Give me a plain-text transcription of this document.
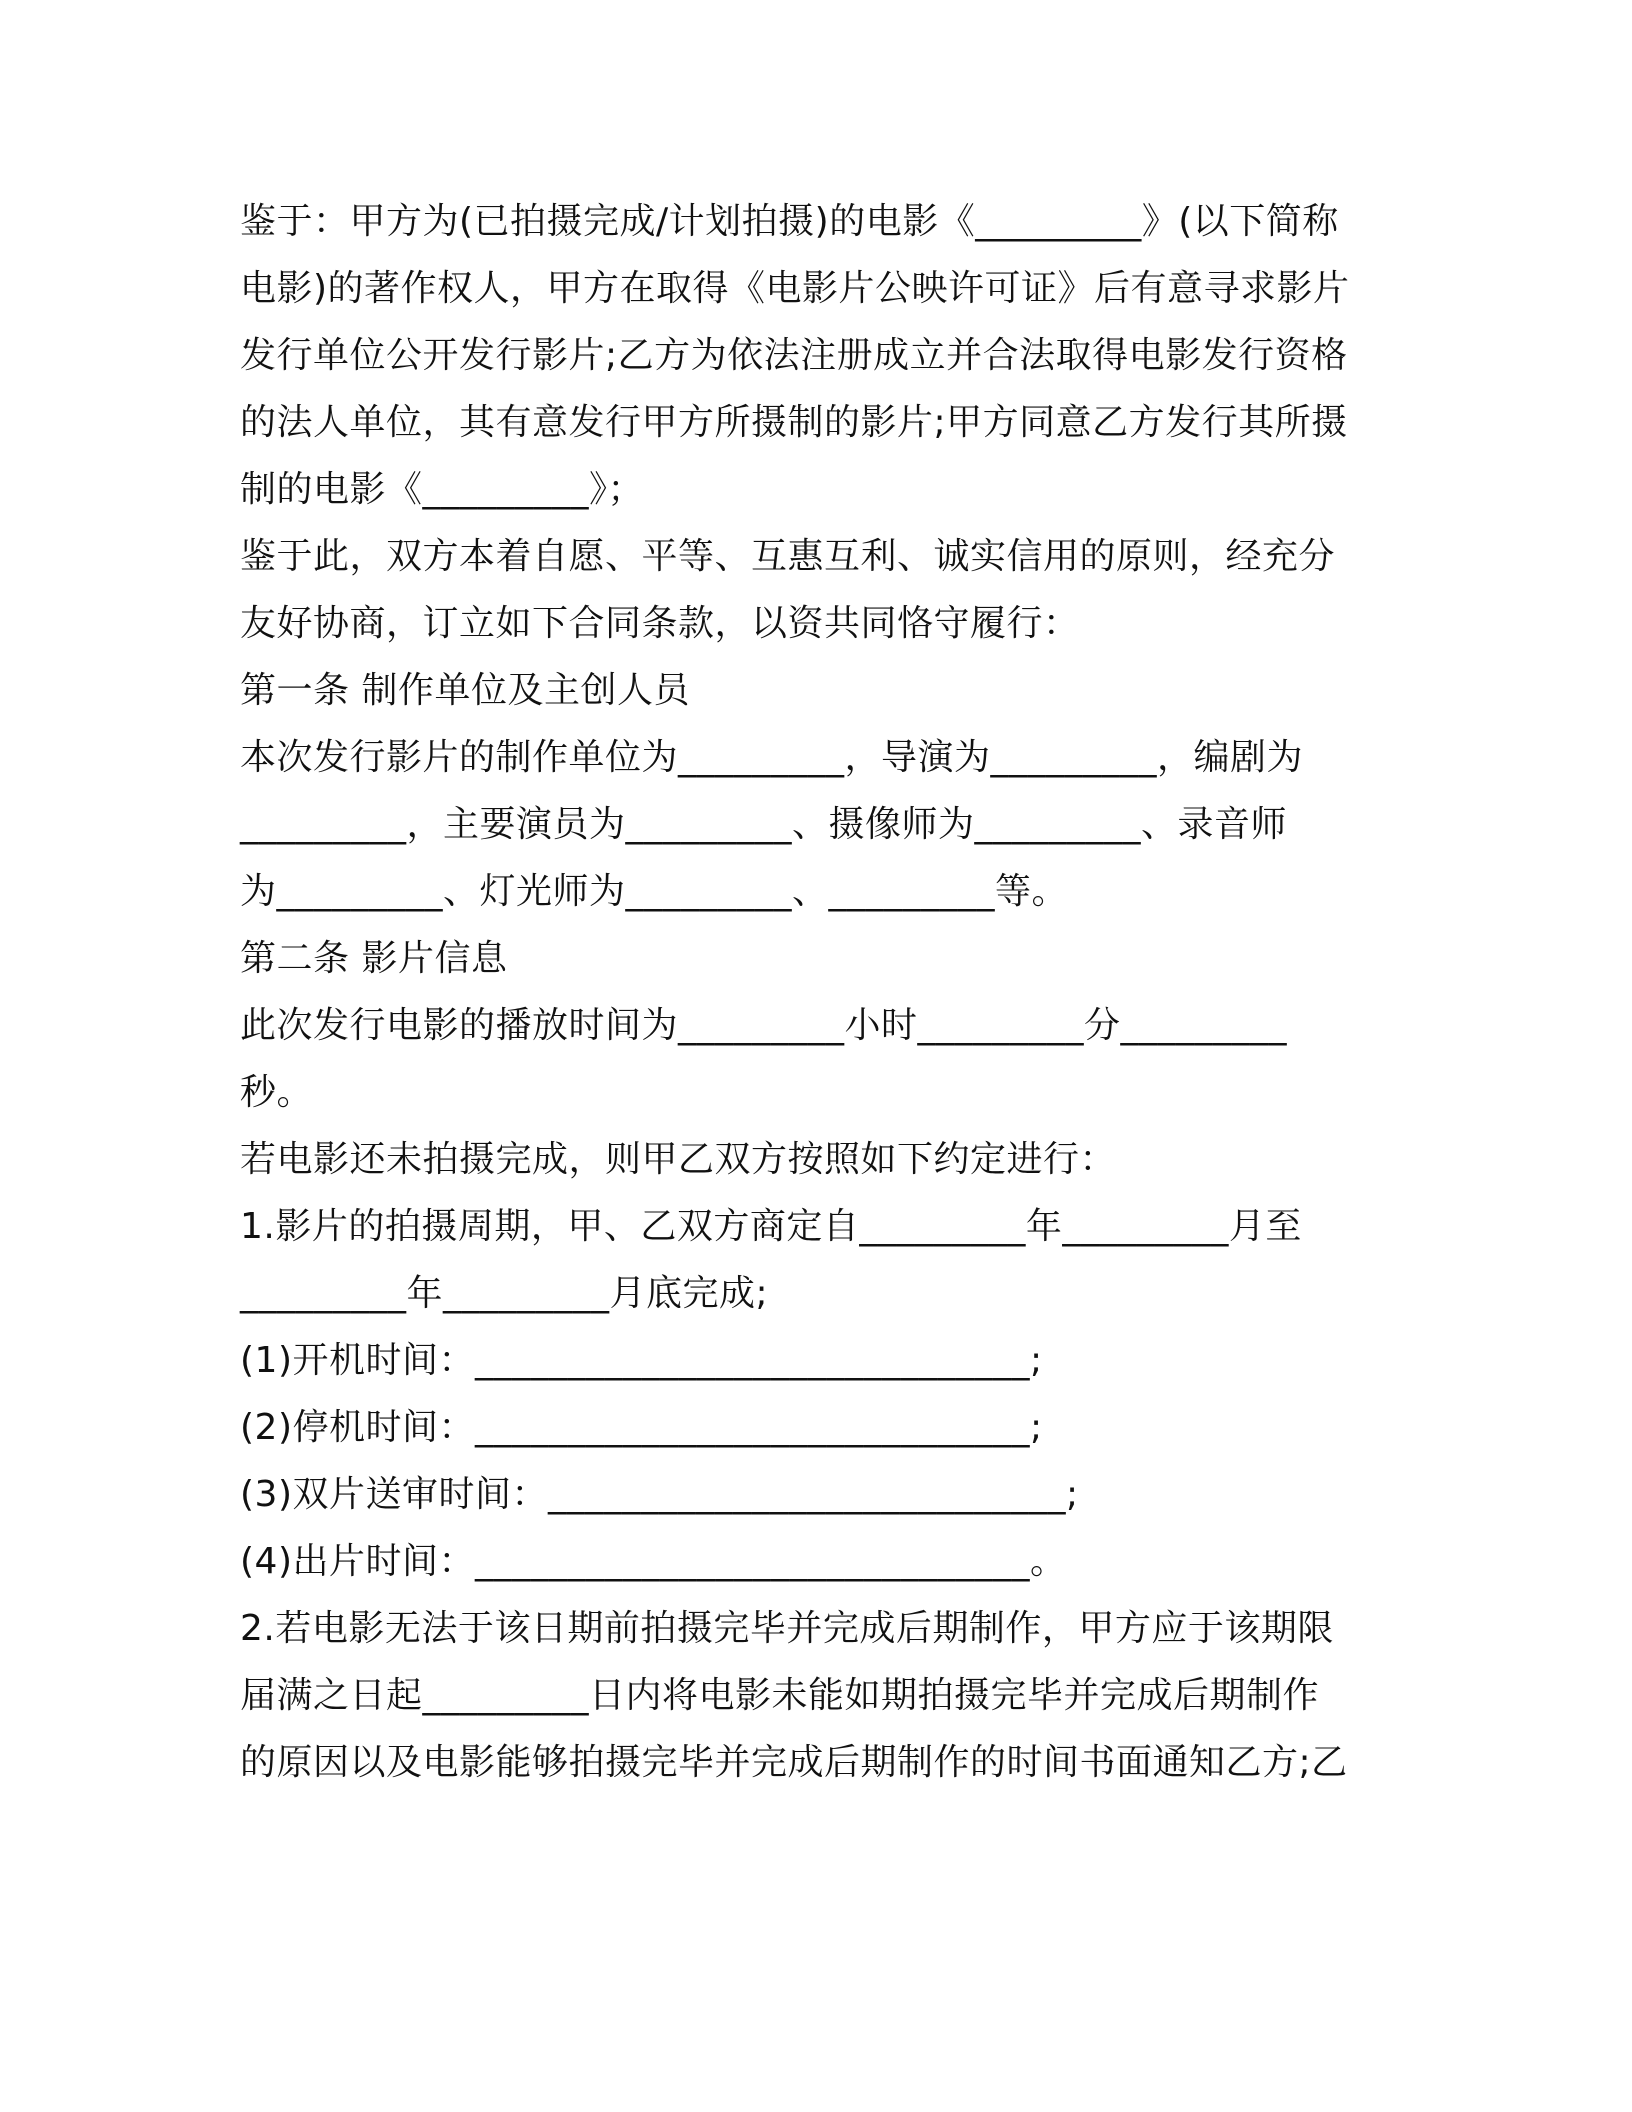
鉴于：甲方为(已拍摄完成/计划拍摄)的电影《_________》(以下简称
电影)的著作权人，甲方在取得《电影片公映许可证》后有意寻求影片
发行单位公开发行影片;乙方为依法注册成立并合法取得电影发行资格
的法人单位，其有意发行甲方所摄制的影片;甲方同意乙方发行其所摄
制的电影《_________》；
鉴于此，双方本着自愿、平等、互惠互利、诚实信用的原则，经充分
友好协商，订立如下合同条款，以资共同恪守履行：
第一条 制作单位及主创人员
本次发行影片的制作单位为_________，导演为_________，编剧为
_________，主要演员为_________、摄像师为_________、录音师
为_________、灯光师为_________、_________等。
第二条 影片信息
此次发行电影的播放时间为_________小时_________分_________
秒。
若电影还未拍摄完成，则甲乙双方按照如下约定进行：
1.影片的拍摄周期，甲、乙双方商定自_________年_________月至
_________年_________月底完成;
(1)开机时间：______________________________;
(2)停机时间：______________________________;
(3)双片送审时间：____________________________;
(4)出片时间：______________________________。
2.若电影无法于该日期前拍摄完毕并完成后期制作，甲方应于该期限
届满之日起_________日内将电影未能如期拍摄完毕并完成后期制作
的原因以及电影能够拍摄完毕并完成后期制作的时间书面通知乙方;乙
